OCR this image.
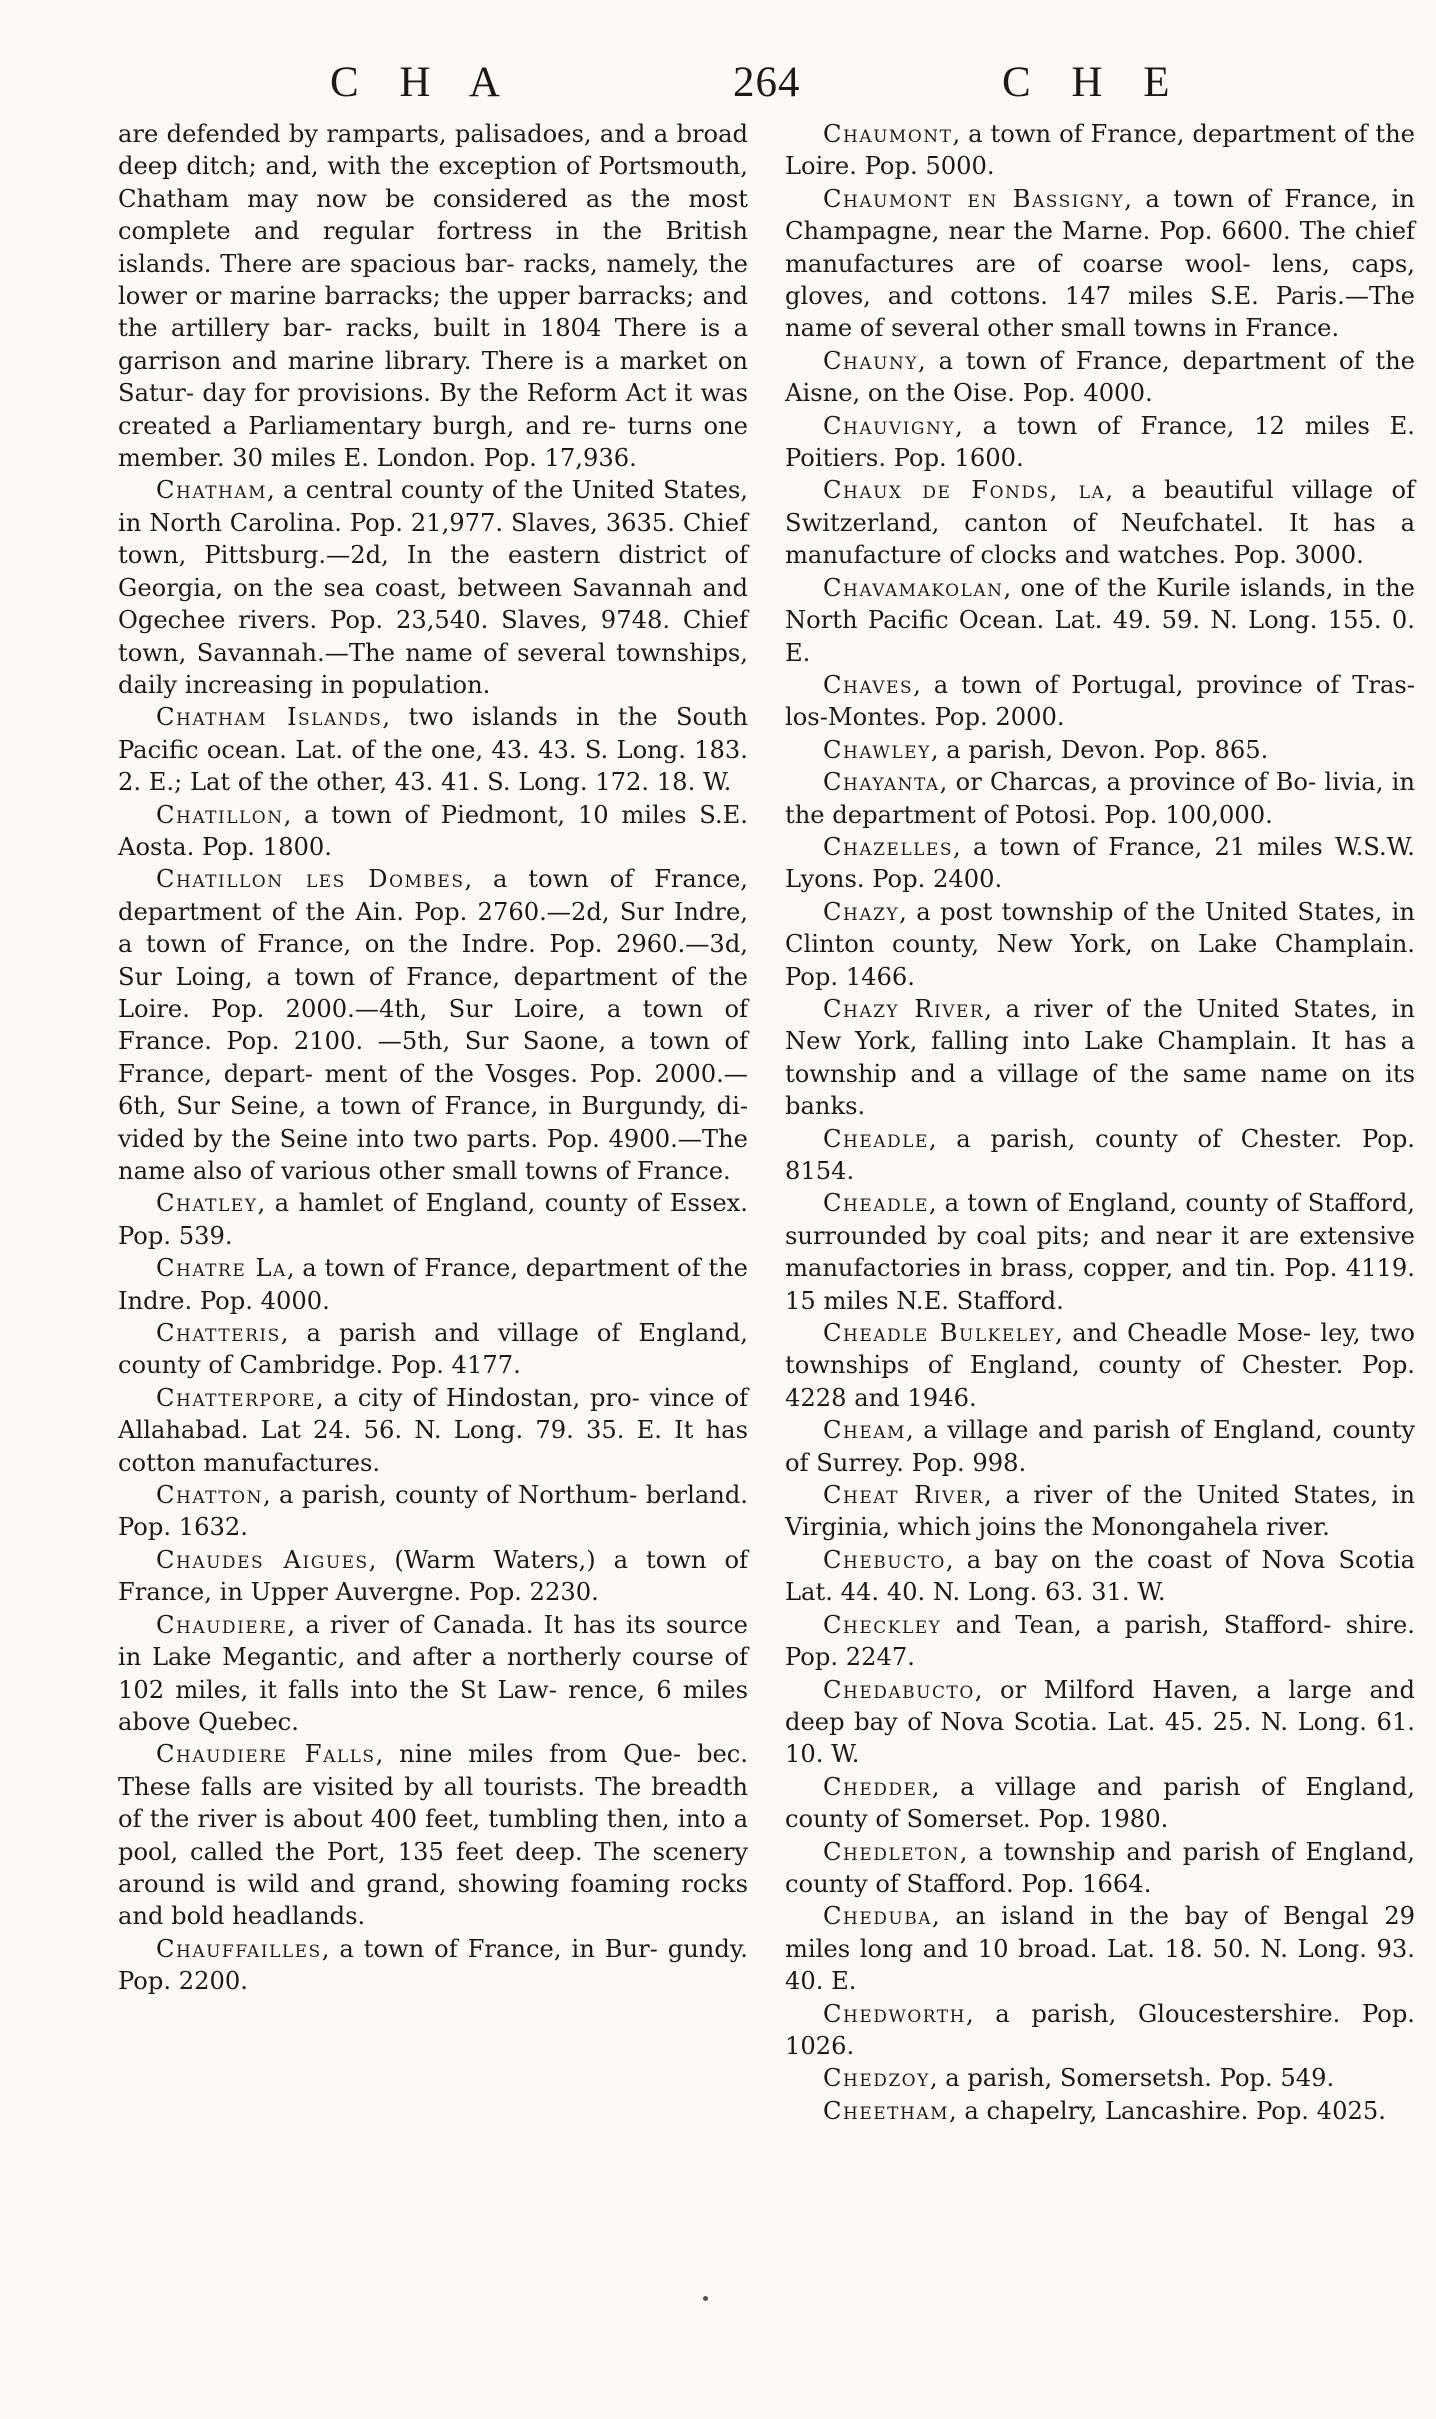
C H A	264	C H E

are defended by ramparts, palisadoes, and a broad deep ditch; and, with the exception of Portsmouth, Chatham may now be considered as the most complete and regular fortress in the British islands. There are spacious bar- racks, namely, the lower or marine barracks; the upper barracks; and the artillery bar- racks, built in 1804 There is a garrison and marine library. There is a market on Satur- day for provisions. By the Reform Act it was created a Parliamentary burgh, and re- turns one member. 30 miles E. London. Pop. 17,936.

Chatham, a central county of the United States, in North Carolina. Pop. 21,977. Slaves, 3635. Chief town, Pittsburg.—2d, In the eastern district of Georgia, on the sea coast, between Savannah and Ogechee rivers. Pop. 23,540. Slaves, 9748. Chief town, Savannah.—The name of several townships, daily increasing in population.

Chatham Islands, two islands in the South Pacific ocean. Lat. of the one, 43. 43. S. Long. 183. 2. E.; Lat of the other, 43. 41. S. Long. 172. 18. W.

Chatillon, a town of Piedmont, 10 miles S.E. Aosta. Pop. 1800.

Chatillon les Dombes, a town of France, department of the Ain. Pop. 2760.—2d, Sur Indre, a town of France, on the Indre. Pop. 2960.—3d, Sur Loing, a town of France, department of the Loire. Pop. 2000.—4th, Sur Loire, a town of France. Pop. 2100. —5th, Sur Saone, a town of France, depart- ment of the Vosges. Pop. 2000.—6th, Sur Seine, a town of France, in Burgundy, di- vided by the Seine into two parts. Pop. 4900.—The name also of various other small towns of France.

Chatley, a hamlet of England, county of Essex. Pop. 539.

Chatre La, a town of France, department of the Indre. Pop. 4000.

Chatteris, a parish and village of England, county of Cambridge. Pop. 4177.

Chatterpore, a city of Hindostan, pro- vince of Allahabad. Lat 24. 56. N. Long. 79. 35. E. It has cotton manufactures.

Chatton, a parish, county of Northum- berland. Pop. 1632.

Chaudes Aigues, (Warm Waters,) a town of France, in Upper Auvergne. Pop. 2230.

Chaudiere, a river of Canada. It has its source in Lake Megantic, and after a northerly course of 102 miles, it falls into the St Law- rence, 6 miles above Quebec.

Chaudiere Falls, nine miles from Que- bec. These falls are visited by all tourists. The breadth of the river is about 400 feet, tumbling then, into a pool, called the Port, 135 feet deep. The scenery around is wild and grand, showing foaming rocks and bold headlands.

Chauffailles, a town of France, in Bur- gundy. Pop. 2200.

Chaumont, a town of France, department of the Loire. Pop. 5000.

Chaumont en Bassigny, a town of France, in Champagne, near the Marne. Pop. 6600. The chief manufactures are of coarse wool- lens, caps, gloves, and cottons. 147 miles S.E. Paris.—The name of several other small towns in France.

Chauny, a town of France, department of the Aisne, on the Oise. Pop. 4000.

Chauvigny, a town of France, 12 miles E. Poitiers. Pop. 1600.

Chaux de Fonds, la, a beautiful village of Switzerland, canton of Neufchatel. It has a manufacture of clocks and watches. Pop. 3000.

Chavamakolan, one of the Kurile islands, in the North Pacific Ocean. Lat. 49. 59. N. Long. 155. 0. E.

Chaves, a town of Portugal, province of Tras-los-Montes. Pop. 2000.

Chawley, a parish, Devon. Pop. 865.

Chayanta, or Charcas, a province of Bo- livia, in the department of Potosi. Pop. 100,000.

Chazelles, a town of France, 21 miles W.S.W. Lyons. Pop. 2400.

Chazy, a post township of the United States, in Clinton county, New York, on Lake Champlain. Pop. 1466.

Chazy River, a river of the United States, in New York, falling into Lake Champlain. It has a township and a village of the same name on its banks.

Cheadle, a parish, county of Chester. Pop. 8154.

Cheadle, a town of England, county of Stafford, surrounded by coal pits; and near it are extensive manufactories in brass, copper, and tin. Pop. 4119. 15 miles N.E. Stafford.

Cheadle Bulkeley, and Cheadle Mose- ley, two townships of England, county of Chester. Pop. 4228 and 1946.

Cheam, a village and parish of England, county of Surrey. Pop. 998.

Cheat River, a river of the United States, in Virginia, which joins the Monongahela river.

Chebucto, a bay on the coast of Nova Scotia Lat. 44. 40. N. Long. 63. 31. W.

Checkley and Tean, a parish, Stafford- shire. Pop. 2247.

Chedabucto, or Milford Haven, a large and deep bay of Nova Scotia. Lat. 45. 25. N. Long. 61. 10. W.

Chedder, a village and parish of England, county of Somerset. Pop. 1980.

Chedleton, a township and parish of England, county of Stafford. Pop. 1664.

Cheduba, an island in the bay of Bengal 29 miles long and 10 broad. Lat. 18. 50. N. Long. 93. 40. E.

Chedworth, a parish, Gloucestershire. Pop. 1026.

Chedzoy, a parish, Somersetsh. Pop. 549.

Cheetham, a chapelry, Lancashire. Pop. 4025.
